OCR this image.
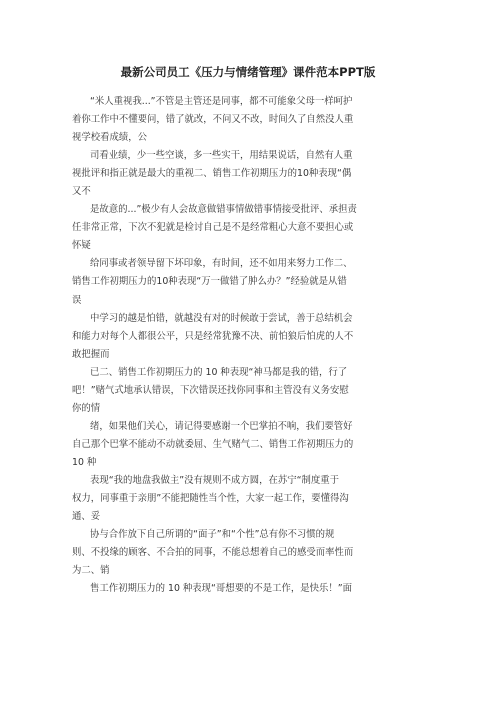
最新公司员工《压力与情绪管理》课件范本PPT版

“米人重视我...”不管是主管还是同事，都不可能象父母一样呵护

着你工作中不懂要问，错了就改，不问又不改，时间久了自然没人重

视学校看成绩，公

司看业绩，少一些空谈，多一些实干，用结果说话，自然有人重

视批评和指正就是最大的重视二、销售工作初期压力的10种表现“偶

又不

是故意的...”极少有人会故意做错事情做错事情接受批评、承担责

任非常正常，下次不犯就是检讨自己是不是经常粗心大意不要担心或

怀疑

给同事或者领导留下坏印象，有时间，还不如用来努力工作二、

销售工作初期压力的10种表现“万一做错了肿么办？”经验就是从错

误

中学习的越是怕错，就越没有对的时候敢于尝试，善于总结机会

和能力对每个人都很公平，只是经常犹豫不决、前怕狼后怕虎的人不

敢把握而

已二、销售工作初期压力的 10 种表现“神马都是我的错，行了

吧！”赌气式地承认错误，下次错误还找你同事和主管没有义务安慰

你的情

绪，如果他们关心，请记得要感谢一个巴掌拍不响，我们要管好

自己那个巴掌不能动不动就委屈、生气赌气二、销售工作初期压力的

10 种

表现“我的地盘我做主”没有规则不成方圆，在苏宁“制度重于

权力，同事重于亲朋”不能把随性当个性，大家一起工作，要懂得沟

通、妥

协与合作放下自己所谓的“面子”和“个性”总有你不习惯的规

则、不投缘的顾客、不合拍的同事，不能总想着自己的感受而率性而

为二、销

售工作初期压力的 10 种表现“哥想要的不是工作，是快乐！”面
